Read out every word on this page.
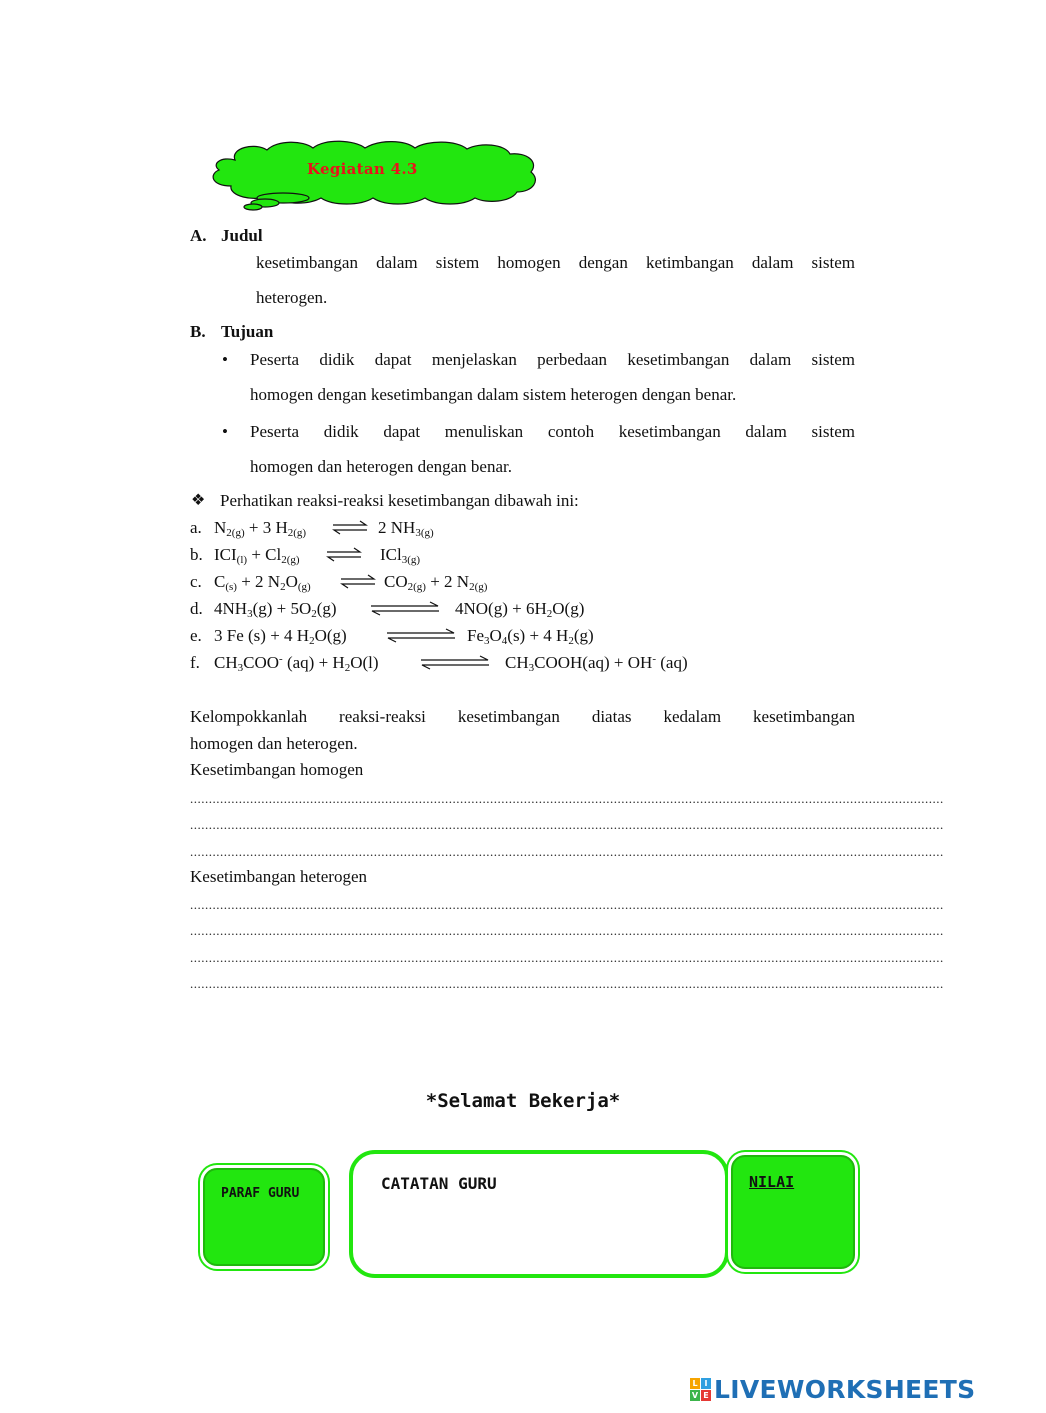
Kegiatan 4.3
A. Judul
kesetimbangan dalam sistem homogen dengan ketimbangan dalam sistem
heterogen.
B. Tujuan
• Peserta didik dapat menjelaskan perbedaan kesetimbangan dalam sistem
homogen dengan kesetimbangan dalam sistem heterogen dengan benar.
• Peserta didik dapat menuliskan contoh kesetimbangan dalam sistem
homogen dan heterogen dengan benar.
❖ Perhatikan reaksi-reaksi kesetimbangan dibawah ini:
a. $N_{2(g)} + 3$ $H_{2(g)}$ ⇌ 2 $NH_{3(g)}$
b. $ICI_{(l)} + Cl_{2(g)}$ ⇌ ICl$_{3(g)}$
c. $C_{(s)} + 2$ $N_2O_{(g)}$ ⇌ $CO_{2(g)} + 2$ $N_{2(g)}$
d. $4NH_3(g) + 5O_2(g)$	$4NO(g) + 6H_2O(g)$
e. 3 Fe (s) + 4 $H_2O(g)$	$Fe_3O_4(s) + 4$ $H_2(g)$
f. $CH_3COO^-$ $(aq) + H_2O(l)$	$CH_3COOH(aq) + OH^-$ (aq)
Kelompokkanlah reaksi-reaksi kesetimbangan diatas kedalam kesetimbangan
homogen dan heterogen.
Kesetimbangan homogen
.........................................................................................................................................................................................................
.........................................................................................................................................................................................................
.........................................................................................................................................................................................................
Kesetimbangan heterogen
.........................................................................................................................................................................................................
.........................................................................................................................................................................................................
.........................................................................................................................................................................................................
.........................................................................................................................................................................................................
*Selamat Bekerja*
PARAF GURU
CATATAN GURU	NILAI
L I
V E LIVEWORKSHEETS
